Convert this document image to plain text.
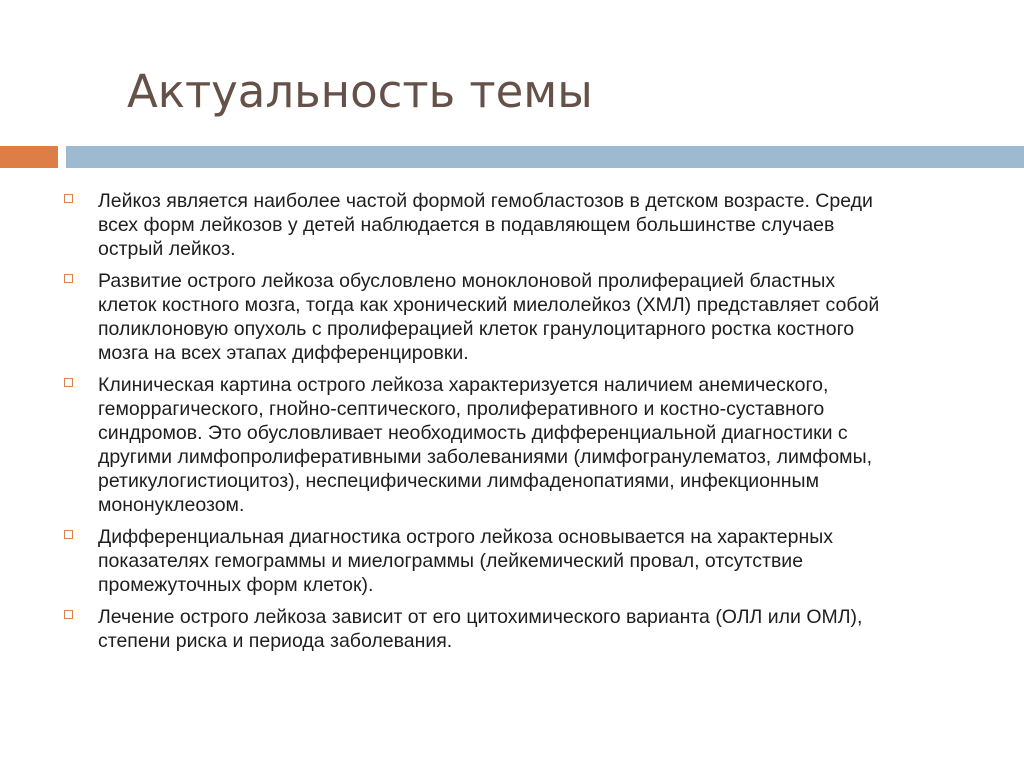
Актуальность темы
Лейкоз является наиболее частой формой гемобластозов в детском возрасте. Среди всех форм лейкозов у детей наблюдается в подавляющем большинстве случаев острый лейкоз.
Развитие острого лейкоза обусловлено моноклоновой пролиферацией бластных клеток костного мозга, тогда как хронический миелолейкоз (ХМЛ) представляет собой поликлоновую опухоль с пролиферацией клеток гранулоцитарного ростка костного мозга на всех этапах дифференцировки.
Клиническая картина острого лейкоза характеризуется наличием анемического, геморрагического, гнойно-септического, пролиферативного и костно-суставного синдромов. Это обусловливает необходимость дифференциальной диагностики с другими лимфопролиферативными заболеваниями (лимфогранулематоз, лимфомы, ретикулогистиоцитоз), неспецифическими лимфаденопатиями, инфекционным мононуклеозом.
Дифференциальная диагностика острого лейкоза основывается на характерных показателях гемограммы и миелограммы (лейкемический провал, отсутствие промежуточных форм клеток).
Лечение острого лейкоза зависит от его цитохимического варианта (ОЛЛ или ОМЛ), степени риска и периода заболевания.
